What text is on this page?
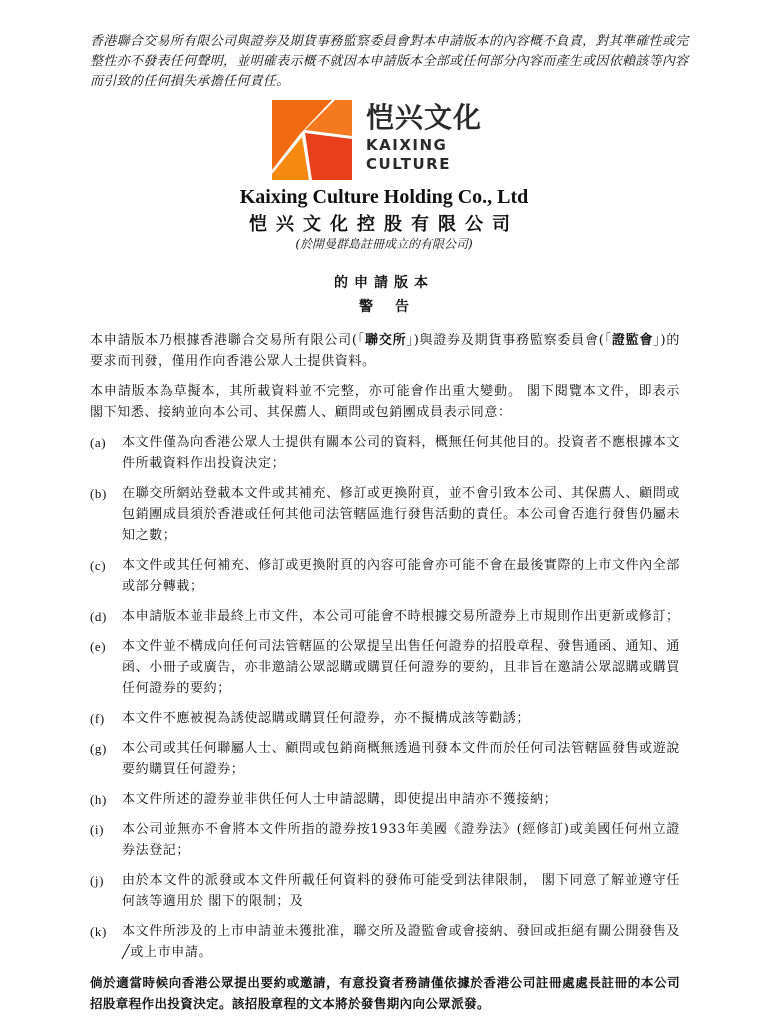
香港聯合交易所有限公司與證券及期貨事務監察委員會對本申請版本的內容概不負責，對其準確性或完整性亦不發表任何聲明，並明確表示概不就因本申請版本全部或任何部分內容而產生或因依賴該等內容而引致的任何損失承擔任何責任。
恺兴文化
KAIXING
CULTURE
Kaixing Culture Holding Co., Ltd
恺兴文化控股有限公司
(於開曼群島註冊成立的有限公司)
的申請版本
警告

本申請版本乃根據香港聯合交易所有限公司(「聯交所」)與證券及期貨事務監察委員會(「證監會」)的要求而刊發，僅用作向香港公眾人士提供資料。

本申請版本為草擬本，其所載資料並不完整，亦可能會作出重大變動。 閣下閱覽本文件，即表示 閣下知悉、接納並向本公司、其保薦人、顧問或包銷團成員表示同意：

(a)	本文件僅為向香港公眾人士提供有關本公司的資料，概無任何其他目的。投資者不應根據本文件所載資料作出投資決定；
(b)	在聯交所網站登載本文件或其補充、修訂或更換附頁，並不會引致本公司、其保薦人、顧問或包銷團成員須於香港或任何其他司法管轄區進行發售活動的責任。本公司會否進行發售仍屬未知之數；
(c)	本文件或其任何補充、修訂或更換附頁的內容可能會亦可能不會在最後實際的上市文件內全部或部分轉載；
(d)	本申請版本並非最終上市文件，本公司可能會不時根據交易所證券上市規則作出更新或修訂；
(e)	本文件並不構成向任何司法管轄區的公眾提呈出售任何證券的招股章程、發售通函、通知、通函、小冊子或廣告，亦非邀請公眾認購或購買任何證券的要約，且非旨在邀請公眾認購或購買任何證券的要約；
(f)	本文件不應被視為誘使認購或購買任何證券，亦不擬構成該等勸誘；
(g)	本公司或其任何聯屬人士、顧問或包銷商概無透過刊發本文件而於任何司法管轄區發售或遊說要約購買任何證券；
(h)	本文件所述的證券並非供任何人士申請認購，即使提出申請亦不獲接納；
(i)	本公司並無亦不會將本文件所指的證券按1933年美國《證券法》(經修訂)或美國任何州立證券法登記；
(j)	由於本文件的派發或本文件所載任何資料的發佈可能受到法律限制， 閣下同意了解並遵守任何該等適用於 閣下的限制；及
(k)	本文件所涉及的上市申請並未獲批准，聯交所及證監會或會接納、發回或拒絕有關公開發售及╱或上市申請。

倘於適當時候向香港公眾提出要約或邀請，有意投資者務請僅依據於香港公司註冊處處長註冊的本公司招股章程作出投資決定。該招股章程的文本將於發售期內向公眾派發。
